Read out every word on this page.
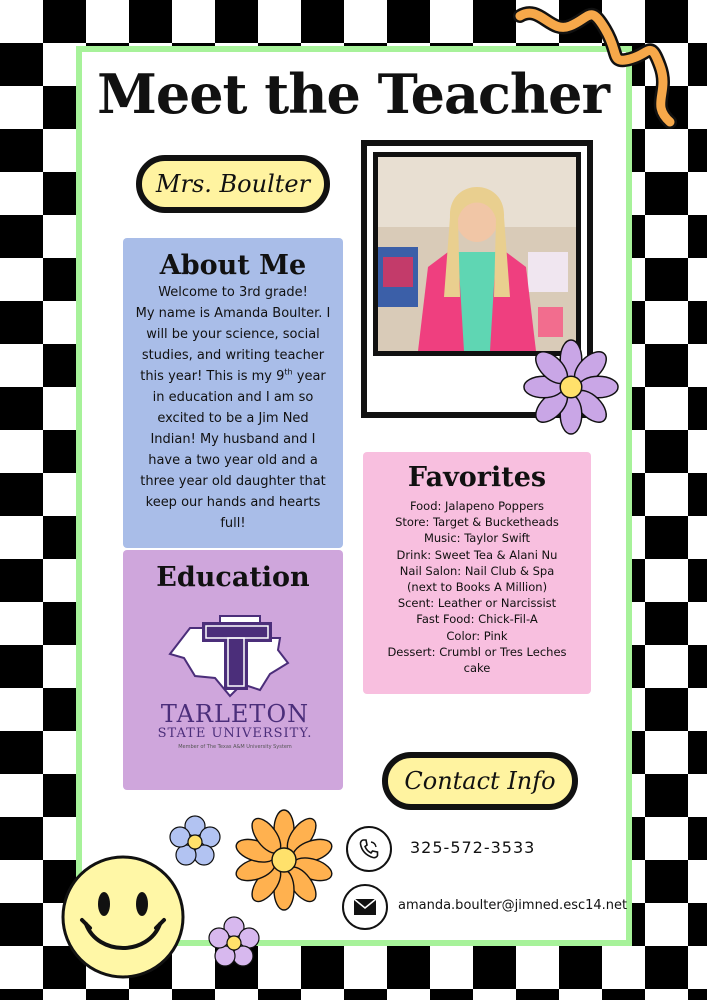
Meet the Teacher
Mrs. Boulter
About Me

Welcome to 3rd grade!

My name is Amanda Boulter. I will be your science, social studies, and writing teacher this year! This is my 9th year in education and I am so excited to be a Jim Ned Indian! My husband and I have a two year old and a three year old daughter that keep our hands and hearts full!

Education
TARLETON
STATE UNIVERSITY.
Member of The Texas A&M University System
Favorites
Food: Jalapeno Poppers
Store: Target & Bucketheads
Music: Taylor Swift
Drink: Sweet Tea & Alani Nu
Nail Salon: Nail Club & Spa
(next to Books A Million)
Scent: Leather or Narcissist
Fast Food: Chick-Fil-A
Color: Pink
Dessert: Crumbl or Tres Leches
cake
Contact Info
325-572-3533
amanda.boulter@jimned.esc14.net
